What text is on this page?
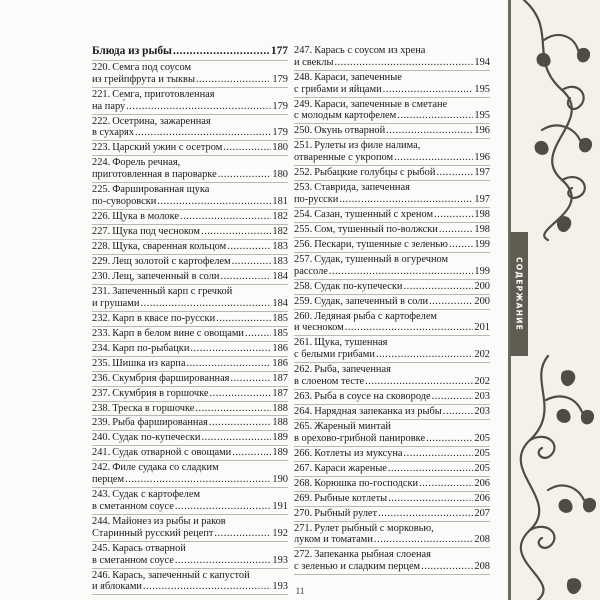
Блюда из рыбы .....	177
220. Семга под соусом
из грейпфрута и тыквы .....	179
221. Семга, приготовленная
на пару́ .....	179
222. Осетрина, зажаренная
в сухарях .....	179
223. Царский ужин с осетром .....	180
224. Форель речная,
приготовленная в пароварке .....	180
225. Фаршированная щука
по-суворовски .....	181
226. Щука в молоке .....	182
227. Щука под чесноком .....	182
228. Щука, сваренная кольцом .....	183
229. Лещ золотой с картофелем .....	183
230. Лещ, запеченный в соли .....	184
231. Запеченный карп с гречкой
и грушами .....	184
232. Карп в квасе по-русски .....	185
233. Карп в белом вине с овощами .....	185
234. Карп по-рыбацки .....	186
235. Шишка из карпа .....	186
236. Скумбрия фаршированная .....	187
237. Скумбрия в горшочке .....	187
238. Треска в горшочке .....	188
239. Рыба фаршированная .....	188
240. Судак по-купечески .....	189
241. Судак отварной с овощами .....	189
242. Филе судака со сладким
перцем .....	190
243. Судак с картофелем
в сметанном соусе .....	191
244. Майонез из рыбы и раков
Старинный русский рецепт .....	192
245. Карась отварной
в сметанном соусе .....	193
246. Карась, запеченный с капустой
и яблоками .....	193
247. Карась с соусом из хрена
и свеклы .....	194
248. Караси, запеченные
с грибами и яйцами .....	195
249. Караси, запеченные в сметане
с молодым картофелем .....	195
250. Окунь отварной .....	196
251. Рулеты из филе налима,
отваренные с укропом .....	196
252. Рыбацкие голубцы с рыбой .....	197
253. Ставрида, запеченная
по-русски .....	197
254. Сазан, тушенный с хреном .....	198
255. Сом, тушенный по-волжски .....	198
256. Пескари, тушенные с зеленью .....	199
257. Судак, тушенный в огуречном
рассоле .....	199
258. Судак по-купечески .....	200
259. Судак, запеченный в соли .....	200
260. Ледяная рыба с картофелем
и чесноком .....	201
261. Щука, тушенная
с белыми грибами .....	202
262. Рыба, запеченная
в слоеном тесте .....	202
263. Рыба в соусе на сковороде .....	203
264. Нарядная запеканка из рыбы .....	203
265. Жареный минтай
в орехово-грибной панировке .....	205
266. Котлеты из муксуна .....	205
267. Караси жареные .....	205
268. Корюшка по-господски .....	206
269. Рыбные котлеты .....	206
270. Рыбный рулет .....	207
271. Рулет рыбный с морковью,
луком и томатами .....	208
272. Запеканка рыбная слоеная
с зеленью и сладким перцем .....	208
11
СОДЕРЖАНИЕ
